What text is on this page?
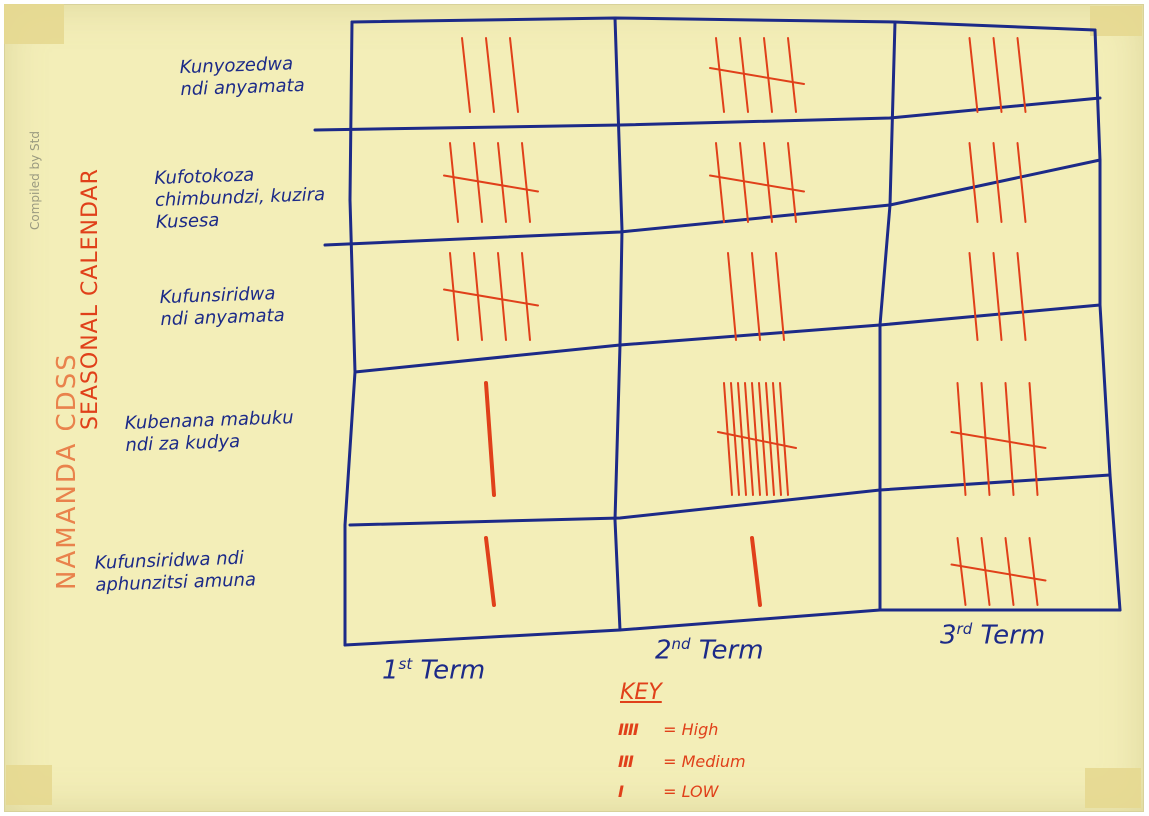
SEASONAL CALENDAR
NAMANDA CDSS
Compiled by Std
Kunyozedwa
ndi anyamata
Kufotokoza
chimbundzi, kuzira
Kusesa
Kufunsiridwa
ndi anyamata
Kubenana mabuku
ndi za kudya
Kufunsiridwa ndi
aphunzitsi amuna
1st Term
2nd Term	3rd Term
KEY
IIII = High
III = Medium
I	= LOW
